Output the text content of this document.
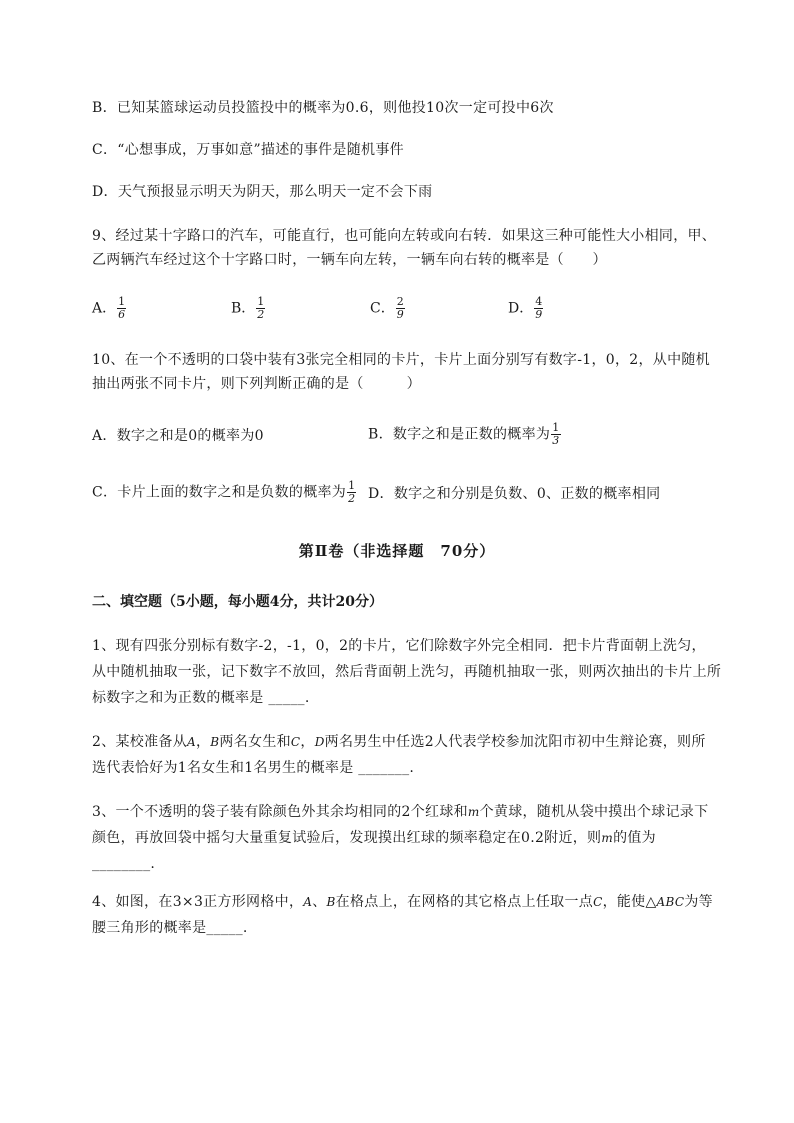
B．已知某篮球运动员投篮投中的概率为0.6，则他投10次一定可投中6次
C．“心想事成，万事如意”描述的事件是随机事件
D．天气预报显示明天为阴天，那么明天一定不会下雨
9、经过某十字路口的汽车，可能直行，也可能向左转或向右转．如果这三种可能性大小相同，甲、
乙两辆汽车经过这个十字路口时，一辆车向左转，一辆车向右转的概率是（　　）
A． $\frac{1}{6}$	B． $\frac{1}{2}$	C． $\frac{2}{9}$	D． $\frac{4}{9}$
10、在一个不透明的口袋中装有3张完全相同的卡片，卡片上面分别写有数字-1，0，2，从中随机
抽出两张不同卡片，则下列判断正确的是（　　　）
A．数字之和是0的概率为0	B．数字之和是正数的概率为 $\frac{1}{3}$
C．卡片上面的数字之和是负数的概率为 $\frac{1}{2}$ D．数字之和分别是负数、0、正数的概率相同
第Ⅱ卷（非选择题　70分）
二、填空题（5小题，每小题4分，共计20分）
1、现有四张分别标有数字-2，-1，0，2的卡片，它们除数字外完全相同．把卡片背面朝上洗匀，
从中随机抽取一张，记下数字不放回，然后背面朝上洗匀，再随机抽取一张，则两次抽出的卡片上所
标数字之和为正数的概率是 _____.
2、某校准备从A，B两名女生和C，D两名男生中任选2人代表学校参加沈阳市初中生辩论赛，则所
选代表恰好为1名女生和1名男生的概率是 _______.
3、一个不透明的袋子装有除颜色外其余均相同的2个红球和m个黄球，随机从袋中摸出个球记录下
颜色，再放回袋中摇匀大量重复试验后，发现摸出红球的频率稳定在0.2附近，则m的值为
________.
4、如图，在3×3正方形网格中，A、B在格点上，在网格的其它格点上任取一点C，能使△ABC为等
腰三角形的概率是_____.
